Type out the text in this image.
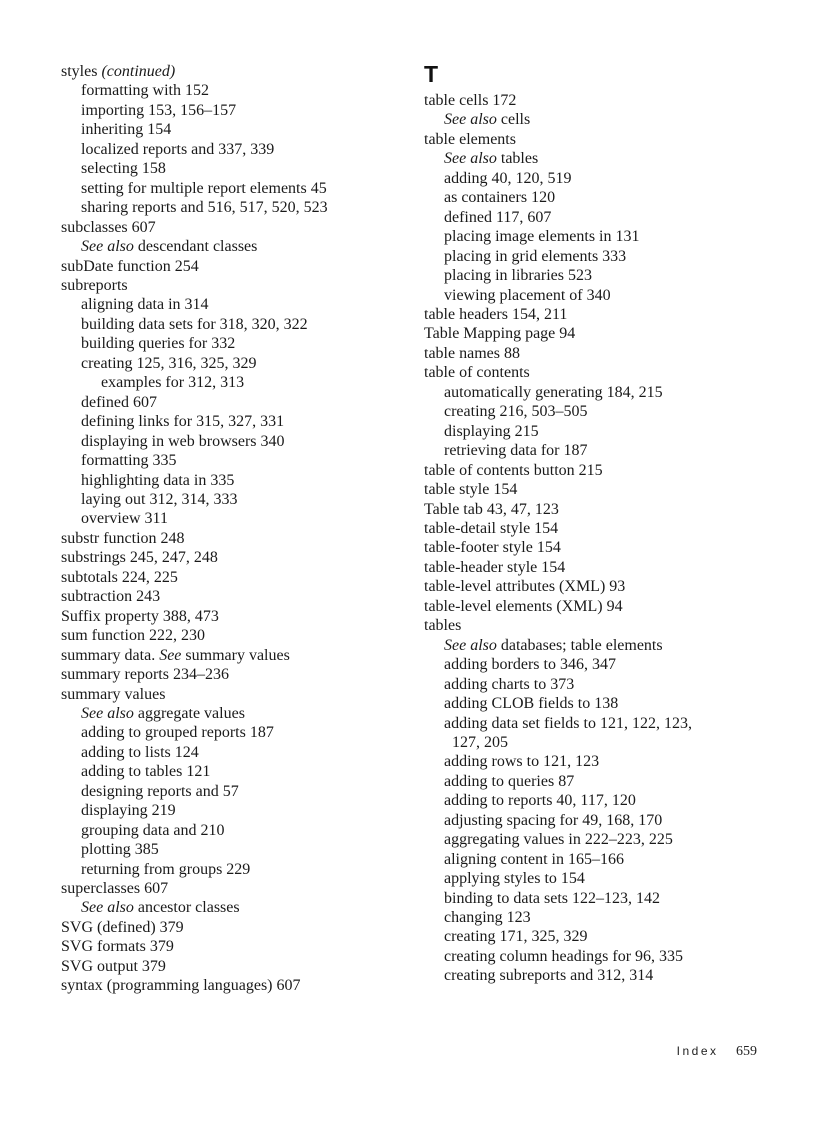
styles (continued)
formatting with 152
importing 153, 156–157
inheriting 154
localized reports and 337, 339
selecting 158
setting for multiple report elements 45
sharing reports and 516, 517, 520, 523
subclasses 607
See also descendant classes
subDate function 254
subreports
aligning data in 314
building data sets for 318, 320, 322
building queries for 332
creating 125, 316, 325, 329
examples for 312, 313
defined 607
defining links for 315, 327, 331
displaying in web browsers 340
formatting 335
highlighting data in 335
laying out 312, 314, 333
overview 311
substr function 248
substrings 245, 247, 248
subtotals 224, 225
subtraction 243
Suffix property 388, 473
sum function 222, 230
summary data. See summary values
summary reports 234–236
summary values
See also aggregate values
adding to grouped reports 187
adding to lists 124
adding to tables 121
designing reports and 57
displaying 219
grouping data and 210
plotting 385
returning from groups 229
superclasses 607
See also ancestor classes
SVG (defined) 379
SVG formats 379
SVG output 379
syntax (programming languages) 607
T
table cells 172
See also cells
table elements
See also tables
adding 40, 120, 519
as containers 120
defined 117, 607
placing image elements in 131
placing in grid elements 333
placing in libraries 523
viewing placement of 340
table headers 154, 211
Table Mapping page 94
table names 88
table of contents
automatically generating 184, 215
creating 216, 503–505
displaying 215
retrieving data for 187
table of contents button 215
table style 154
Table tab 43, 47, 123
table-detail style 154
table-footer style 154
table-header style 154
table-level attributes (XML) 93
table-level elements (XML) 94
tables
See also databases; table elements
adding borders to 346, 347
adding charts to 373
adding CLOB fields to 138
adding data set fields to 121, 122, 123,
127, 205
adding rows to 121, 123
adding to queries 87
adding to reports 40, 117, 120
adjusting spacing for 49, 168, 170
aggregating values in 222–223, 225
aligning content in 165–166
applying styles to 154
binding to data sets 122–123, 142
changing 123
creating 171, 325, 329
creating column headings for 96, 335
creating subreports and 312, 314
Index 659
